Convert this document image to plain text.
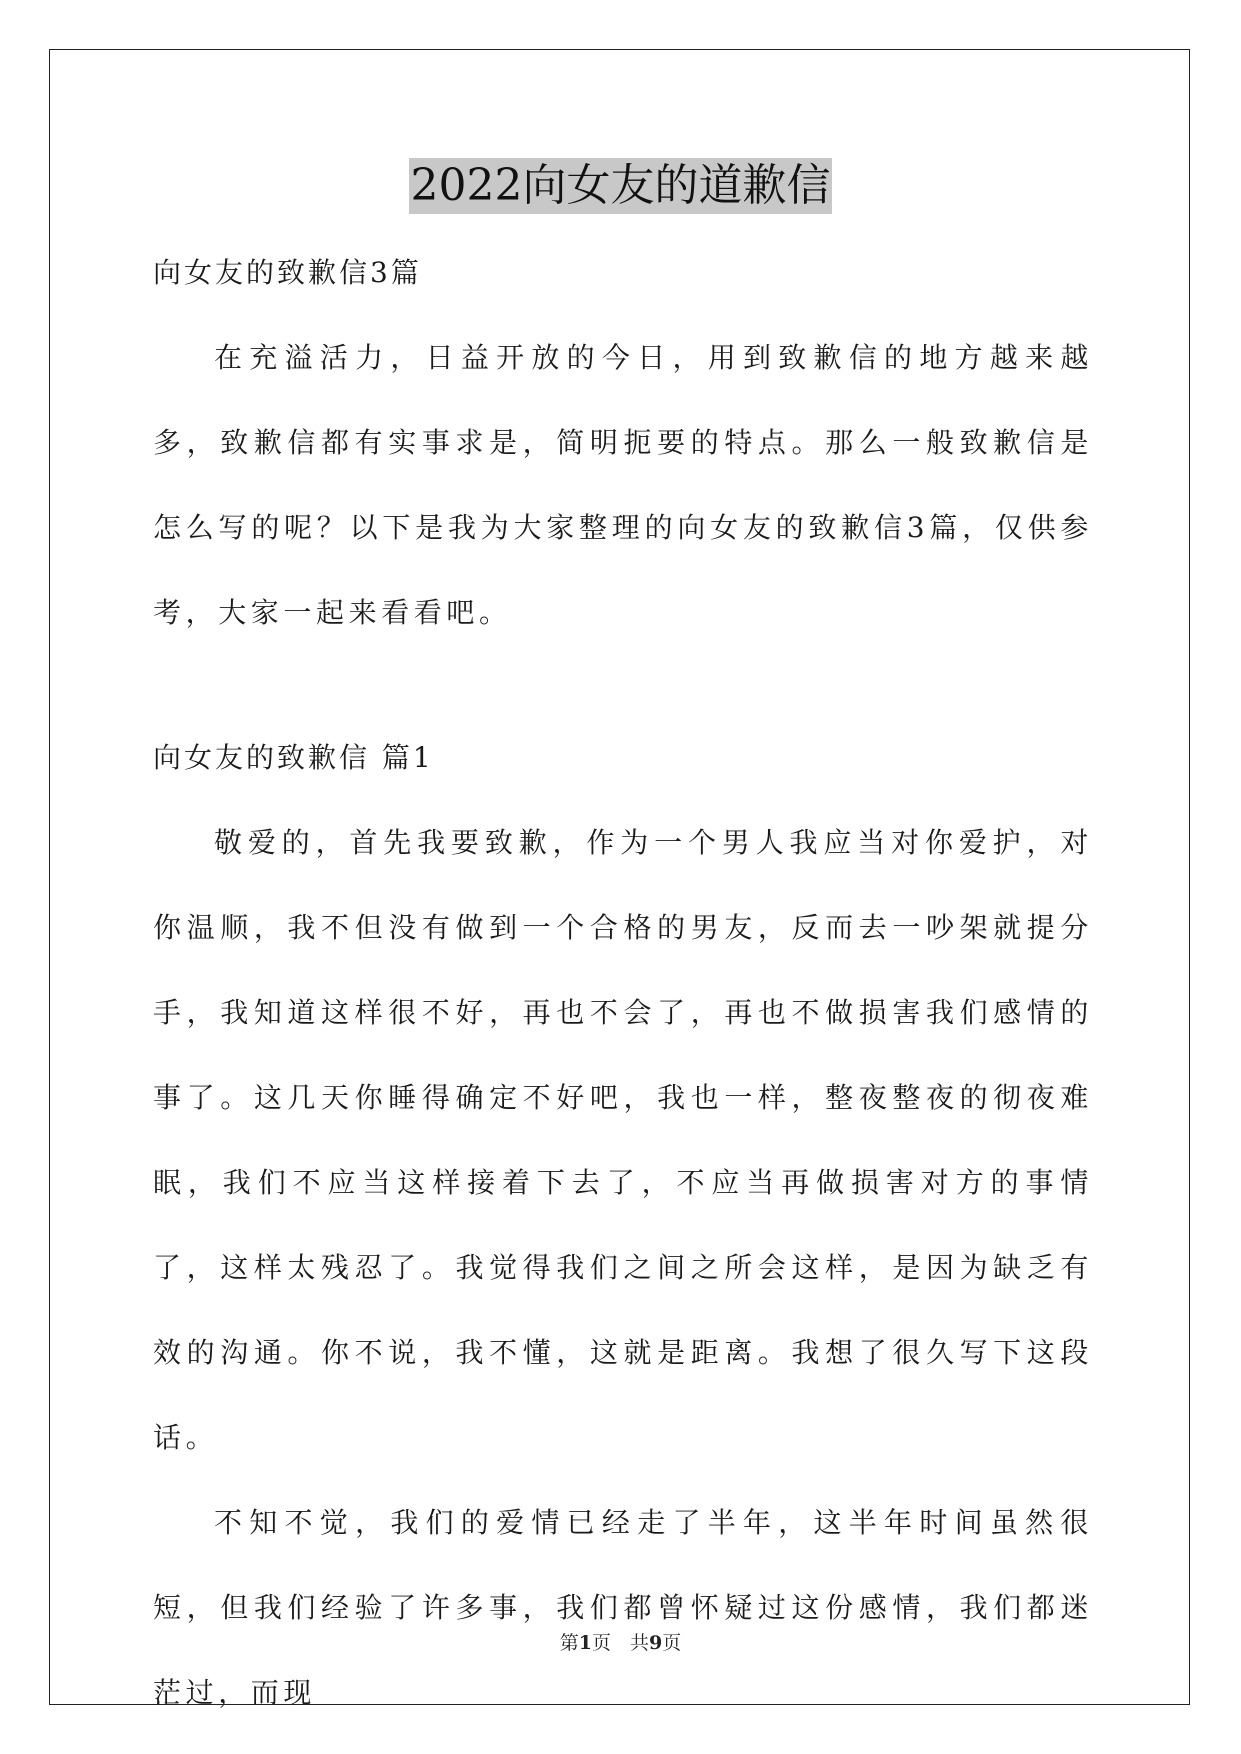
2022向女友的道歉信

向女友的致歉信3篇

在充溢活力，日益开放的今日，用到致歉信的地方越来越多，致歉信都有实事求是，简明扼要的特点。那么一般致歉信是怎么写的呢？以下是我为大家整理的向女友的致歉信3篇，仅供参考，大家一起来看看吧。

向女友的致歉信 篇1

敬爱的，首先我要致歉，作为一个男人我应当对你爱护，对你温顺，我不但没有做到一个合格的男友，反而去一吵架就提分手，我知道这样很不好，再也不会了，再也不做损害我们感情的事了。这几天你睡得确定不好吧，我也一样，整夜整夜的彻夜难眠，我们不应当这样接着下去了，不应当再做损害对方的事情了，这样太残忍了。我觉得我们之间之所会这样，是因为缺乏有效的沟通。你不说，我不懂，这就是距离。我想了很久写下这段话。

不知不觉，我们的爱情已经走了半年，这半年时间虽然很短，但我们经验了许多事，我们都曾怀疑过这份感情，我们都迷茫过，而现

第1页　共9页
